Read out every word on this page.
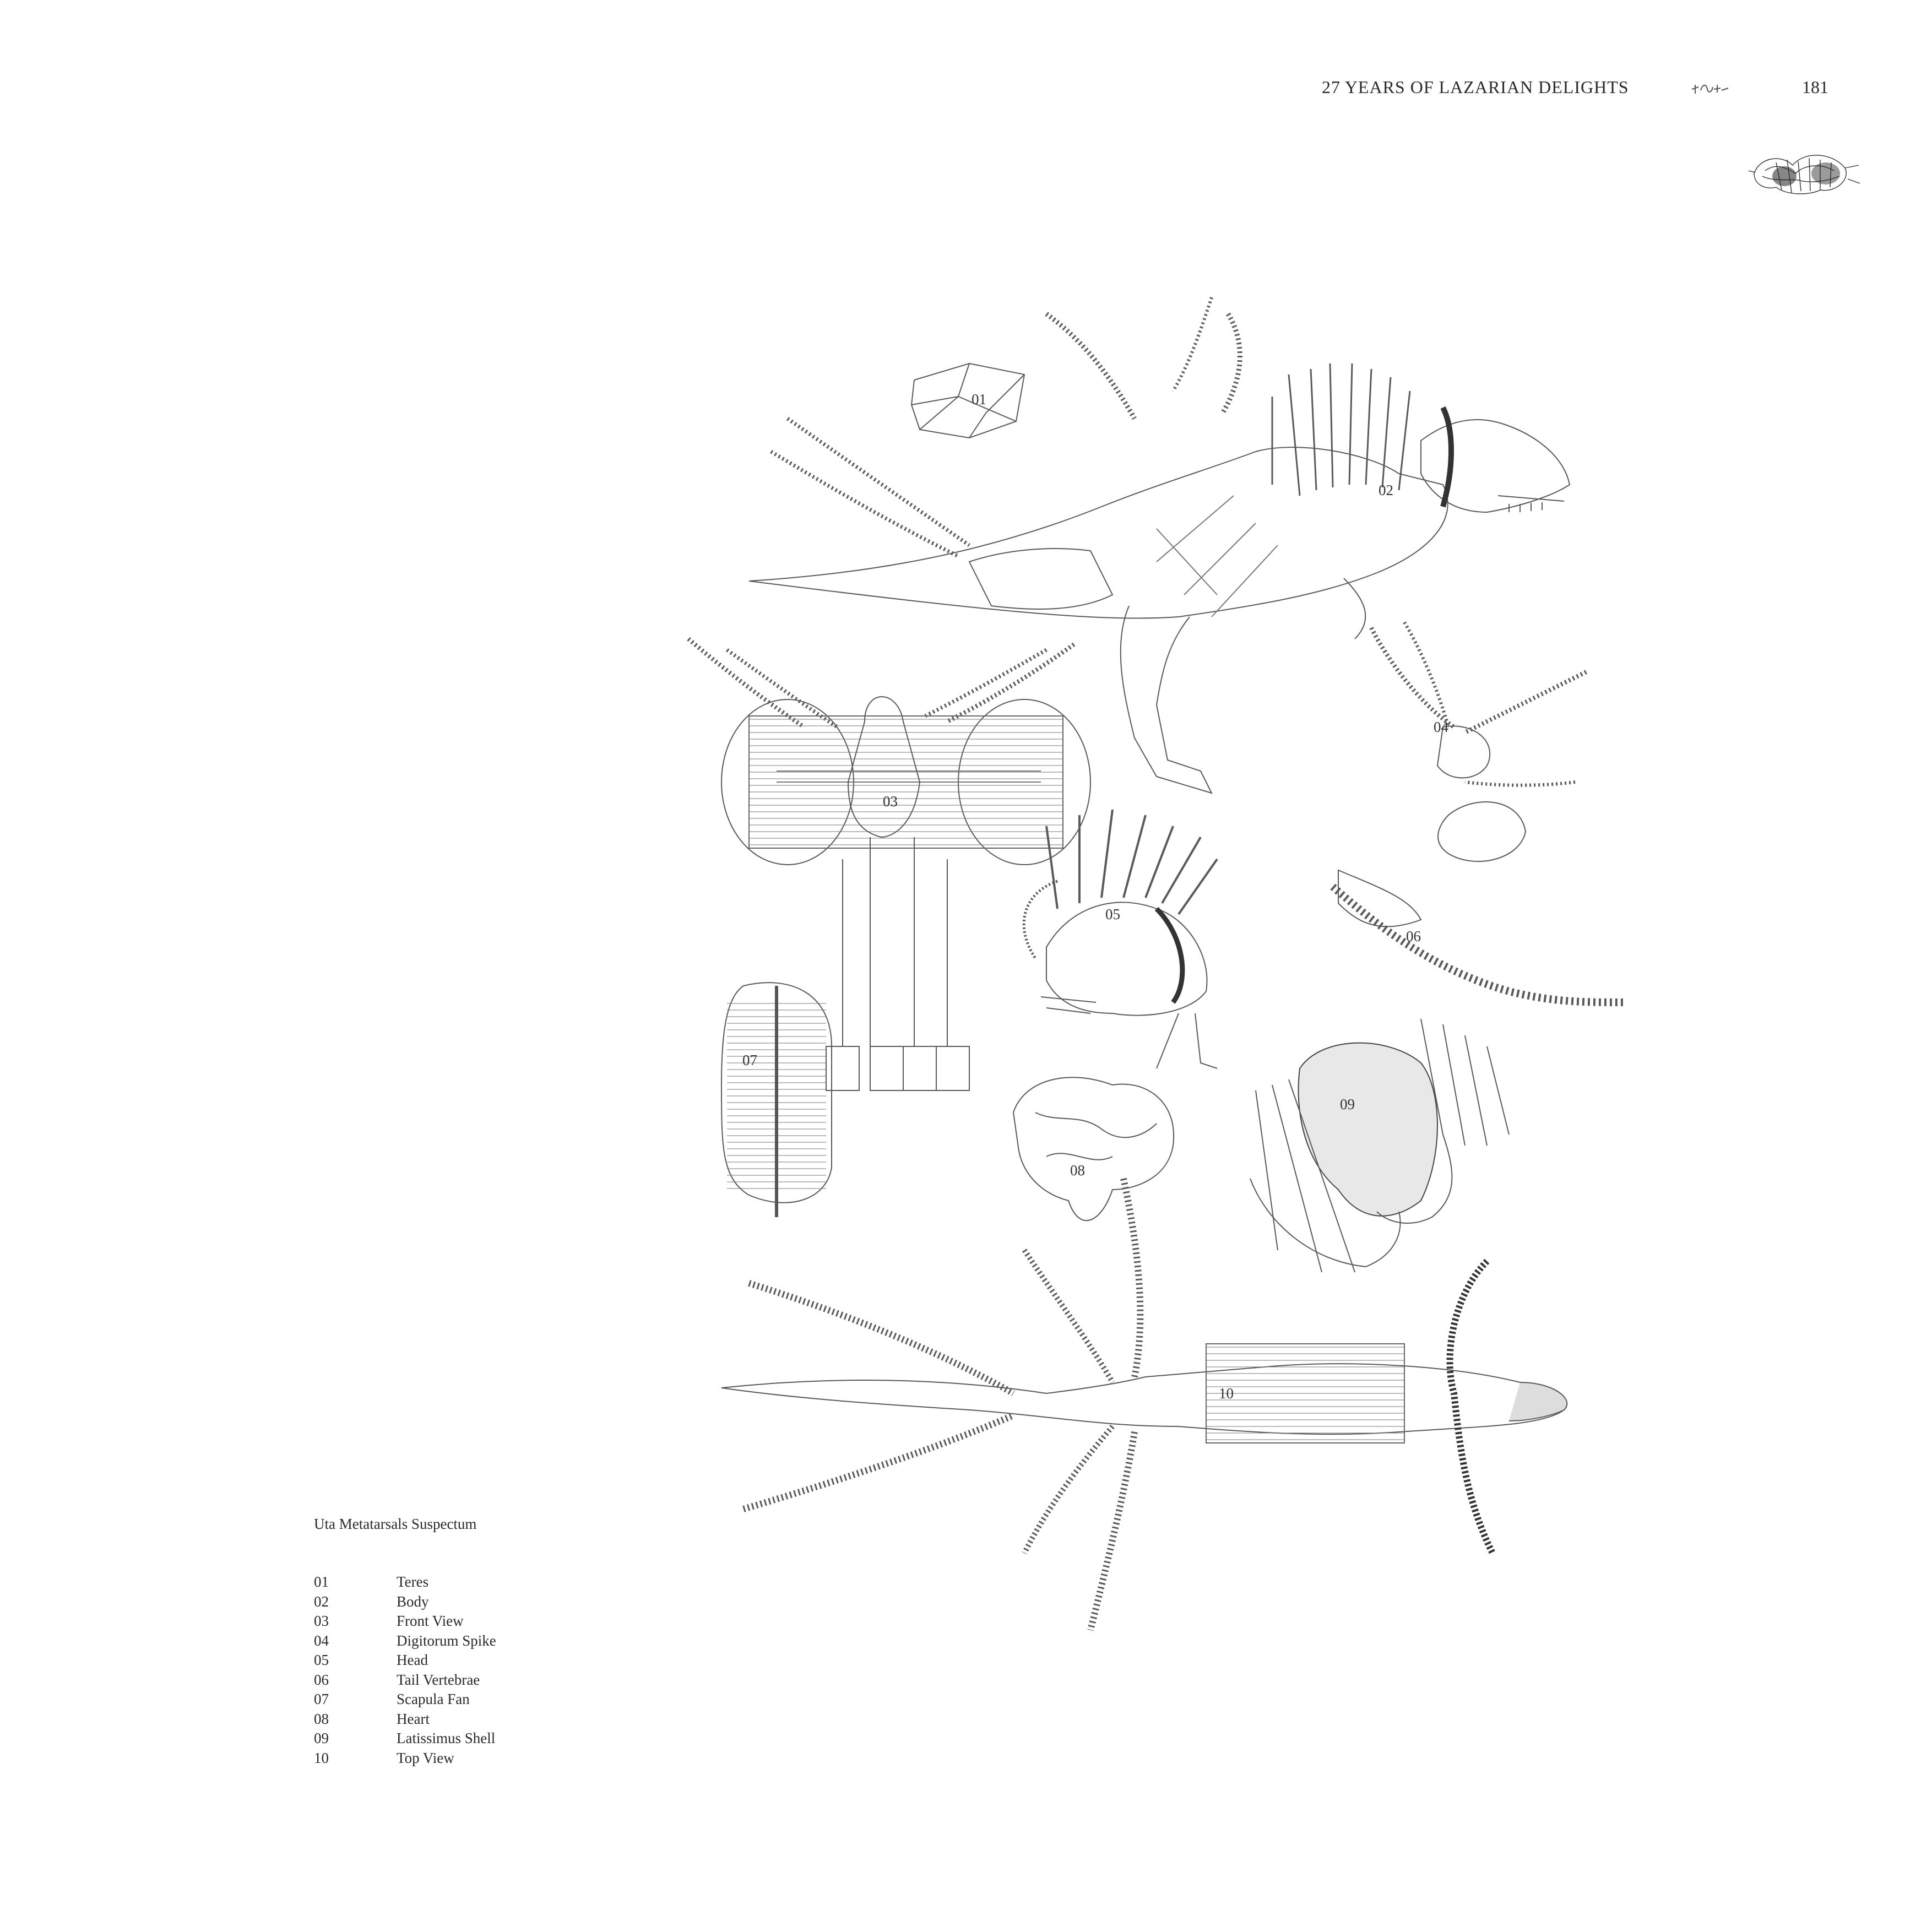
27 YEARS OF LAZARIAN DELIGHTS	181
01
02
03
04
05
06
07
08
09
10
Uta Metatarsals Suspectum
01	Teres
02	Body
03	Front View
04	Digitorum Spike
05	Head
06	Tail Vertebrae
07	Scapula Fan
08	Heart
09	Latissimus Shell
10	Top View
